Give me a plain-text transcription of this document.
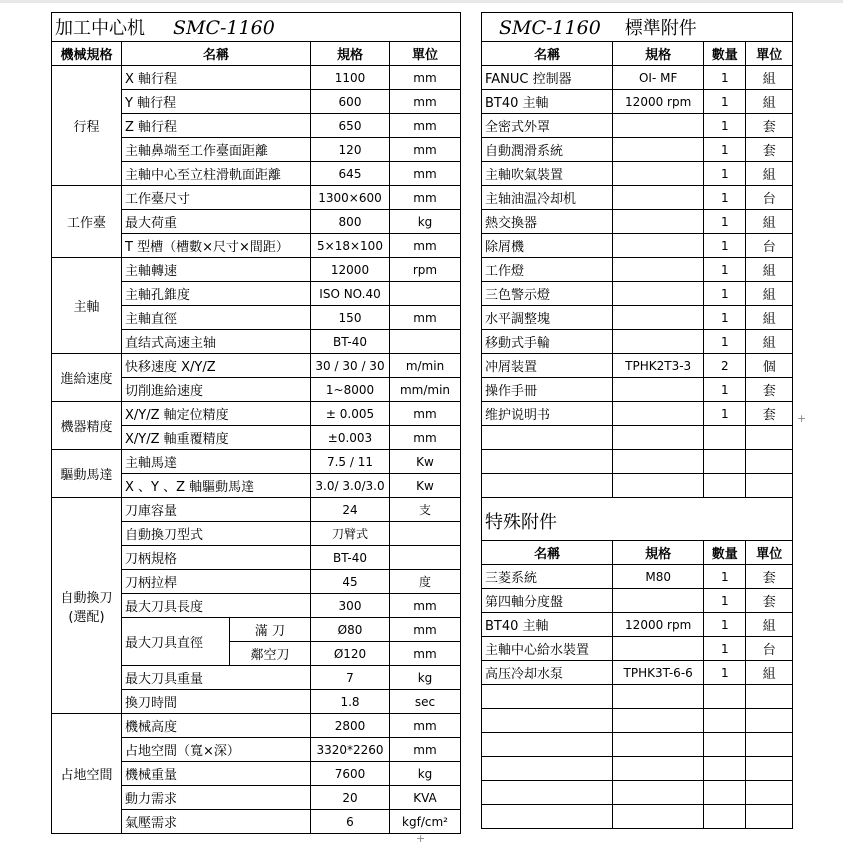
加工中心机 SMC-1160				
機械規格	名稱		規格	單位
行程	X 軸行程		1100	mm
	Y 軸行程		600	mm
	Z 軸行程		650	mm
	主軸鼻端至工作臺面距離		120	mm
	主軸中心至立柱滑軌面距離		645	mm
工作臺	工作臺尺寸		1300×600	mm
	最大荷重		800	kg
	T 型槽（槽數×尺寸×間距）		5×18×100	mm
主軸	主軸轉速		12000	rpm
	主軸孔錐度		ISO NO.40	
	主軸直徑		150	mm
	直结式高速主轴		BT-40	
進給速度	快移速度 X/Y/Z		30 / 30 / 30	m/min
	切削進給速度		1~8000	mm/min
機器精度	X/Y/Z 軸定位精度		± 0.005	mm
	X/Y/Z 軸重覆精度		±0.003	mm
驅動馬達	主軸馬達		7.5 / 11	Kw
	X 、Y 、Z 軸驅動馬達		3.0/ 3.0/3.0	Kw
自動換刀
(選配)	刀庫容量		24	支
	自動換刀型式		刀臂式	
	刀柄規格		BT-40	
	刀柄拉桿		45	度
	最大刀具長度		300	mm
	最大刀具直徑	滿 刀	Ø80	mm
		鄰空刀	Ø120	mm
	最大刀具重量		7	kg
	換刀時間		1.8	sec
占地空間	機械高度		2800	mm
	占地空間（寬×深）		3320*2260	mm
	機械重量		7600	kg
	動力需求		20	KVA
	氣壓需求		6	kgf/cm²
SMC-1160 標準附件			
名稱	規格	數量	單位
FANUC 控制器	OI- MF	1	組
BT40 主軸	12000 rpm	1	組
全密式外罩		1	套
自動潤滑系統		1	套
主軸吹氣裝置		1	組
主轴油温冷却机		1	台
熱交換器		1	組
除屑機		1	台
工作燈		1	組
三色警示燈		1	組
水平調整塊		1	組
移動式手輪		1	組
冲屑装置	TPHK2T3-3	2	個
操作手冊		1	套
维护说明书		1	套

特殊附件			
名稱	規格	數量	單位
三菱系統	M80	1	套
第四軸分度盤		1	套
BT40 主軸	12000 rpm	1	組
主軸中心給水裝置		1	台
高压冷却水泵	TPHK3T-6-6	1	組

+
+
